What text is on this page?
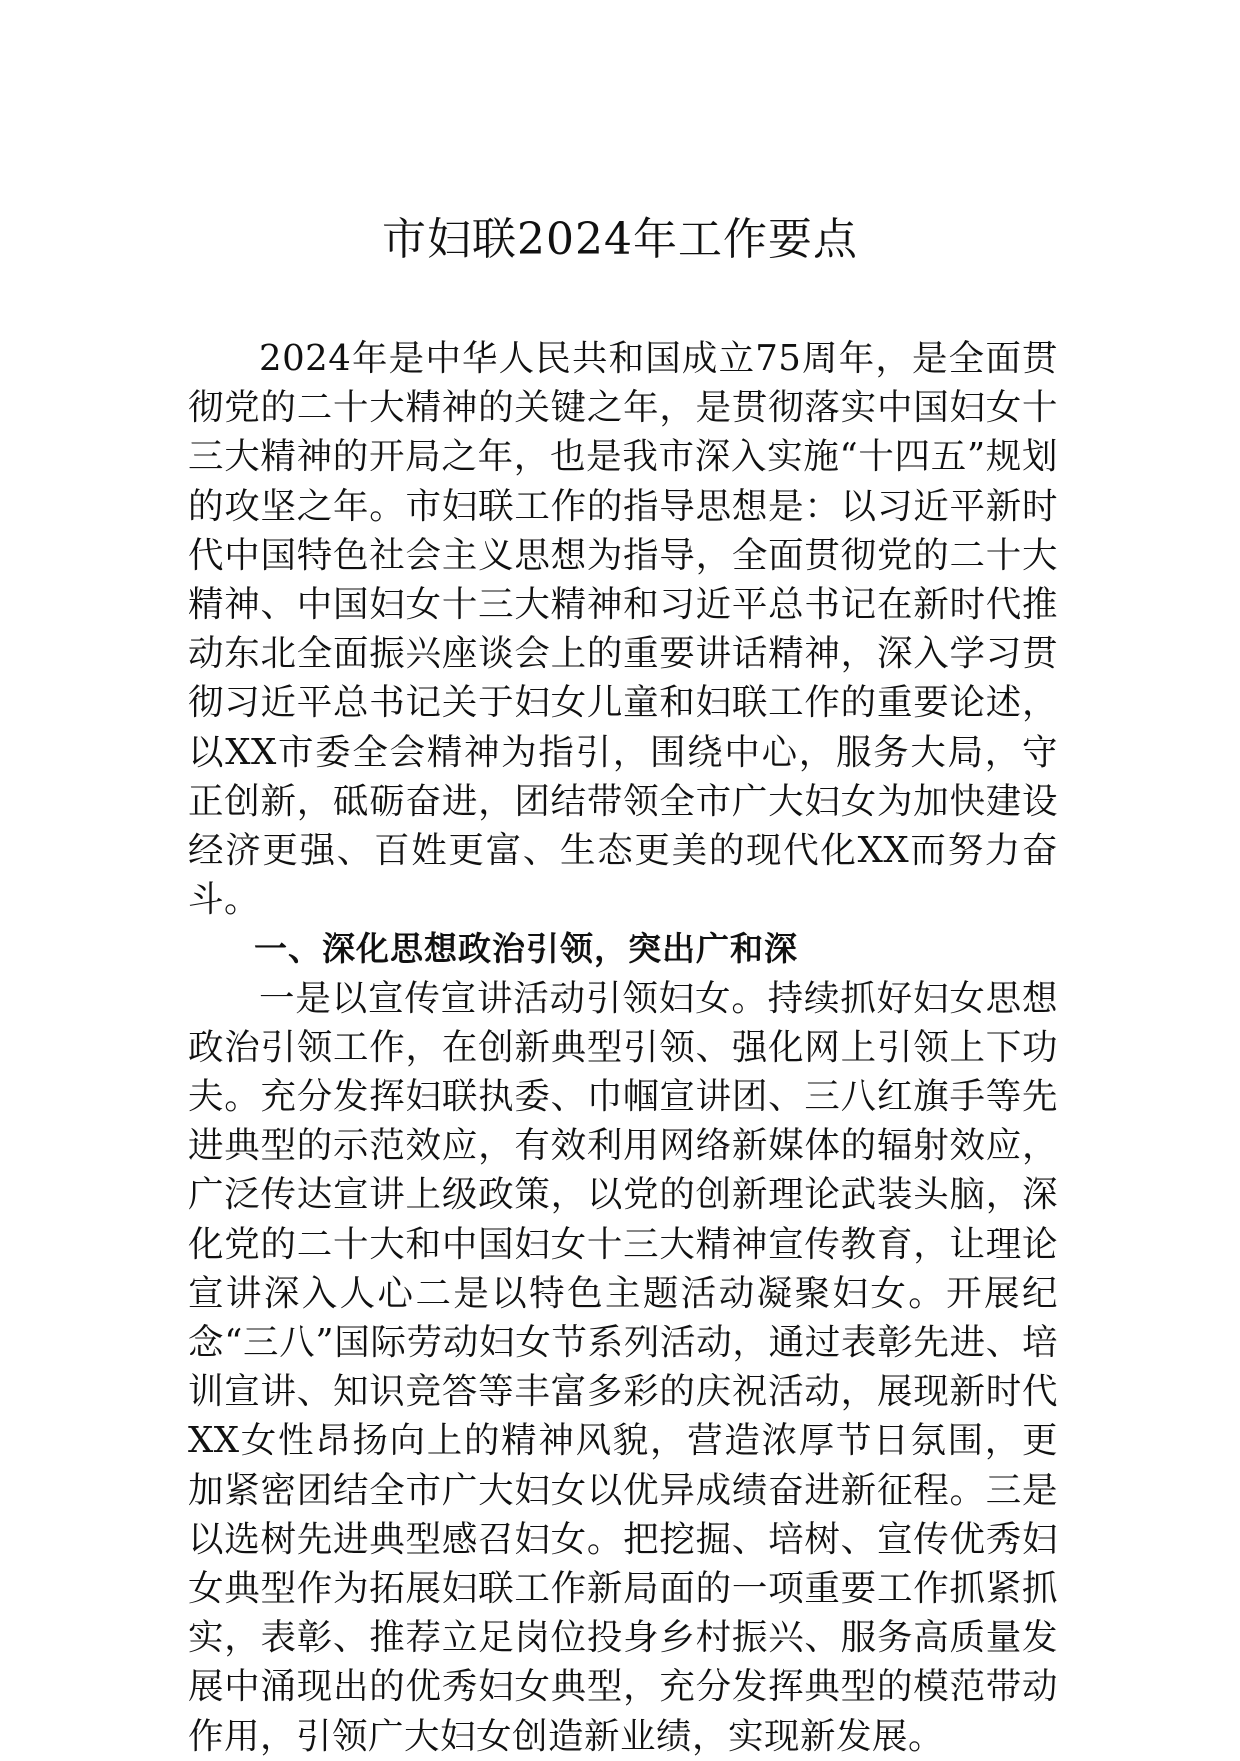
市妇联2024年工作要点

2024年是中华人民共和国成立75周年，是全面贯彻党的二十大精神的关键之年，是贯彻落实中国妇女十三大精神的开局之年，也是我市深入实施“十四五”规划的攻坚之年。市妇联工作的指导思想是：以习近平新时代中国特色社会主义思想为指导，全面贯彻党的二十大精神、中国妇女十三大精神和习近平总书记在新时代推动东北全面振兴座谈会上的重要讲话精神，深入学习贯彻习近平总书记关于妇女儿童和妇联工作的重要论述，以XX市委全会精神为指引，围绕中心，服务大局，守正创新，砥砺奋进，团结带领全市广大妇女为加快建设经济更强、百姓更富、生态更美的现代化XX而努力奋斗。

一、深化思想政治引领，突出广和深

一是以宣传宣讲活动引领妇女。持续抓好妇女思想政治引领工作，在创新典型引领、强化网上引领上下功夫。充分发挥妇联执委、巾帼宣讲团、三八红旗手等先进典型的示范效应，有效利用网络新媒体的辐射效应，广泛传达宣讲上级政策，以党的创新理论武装头脑，深化党的二十大和中国妇女十三大精神宣传教育，让理论宣讲深入人心二是以特色主题活动凝聚妇女。开展纪念“三八”国际劳动妇女节系列活动，通过表彰先进、培训宣讲、知识竞答等丰富多彩的庆祝活动，展现新时代XX女性昂扬向上的精神风貌，营造浓厚节日氛围，更加紧密团结全市广大妇女以优异成绩奋进新征程。三是以选树先进典型感召妇女。把挖掘、培树、宣传优秀妇女典型作为拓展妇联工作新局面的一项重要工作抓紧抓实，表彰、推荐立足岗位投身乡村振兴、服务高质量发展中涌现出的优秀妇女典型，充分发挥典型的模范带动作用，引领广大妇女创造新业绩，实现新发展。
